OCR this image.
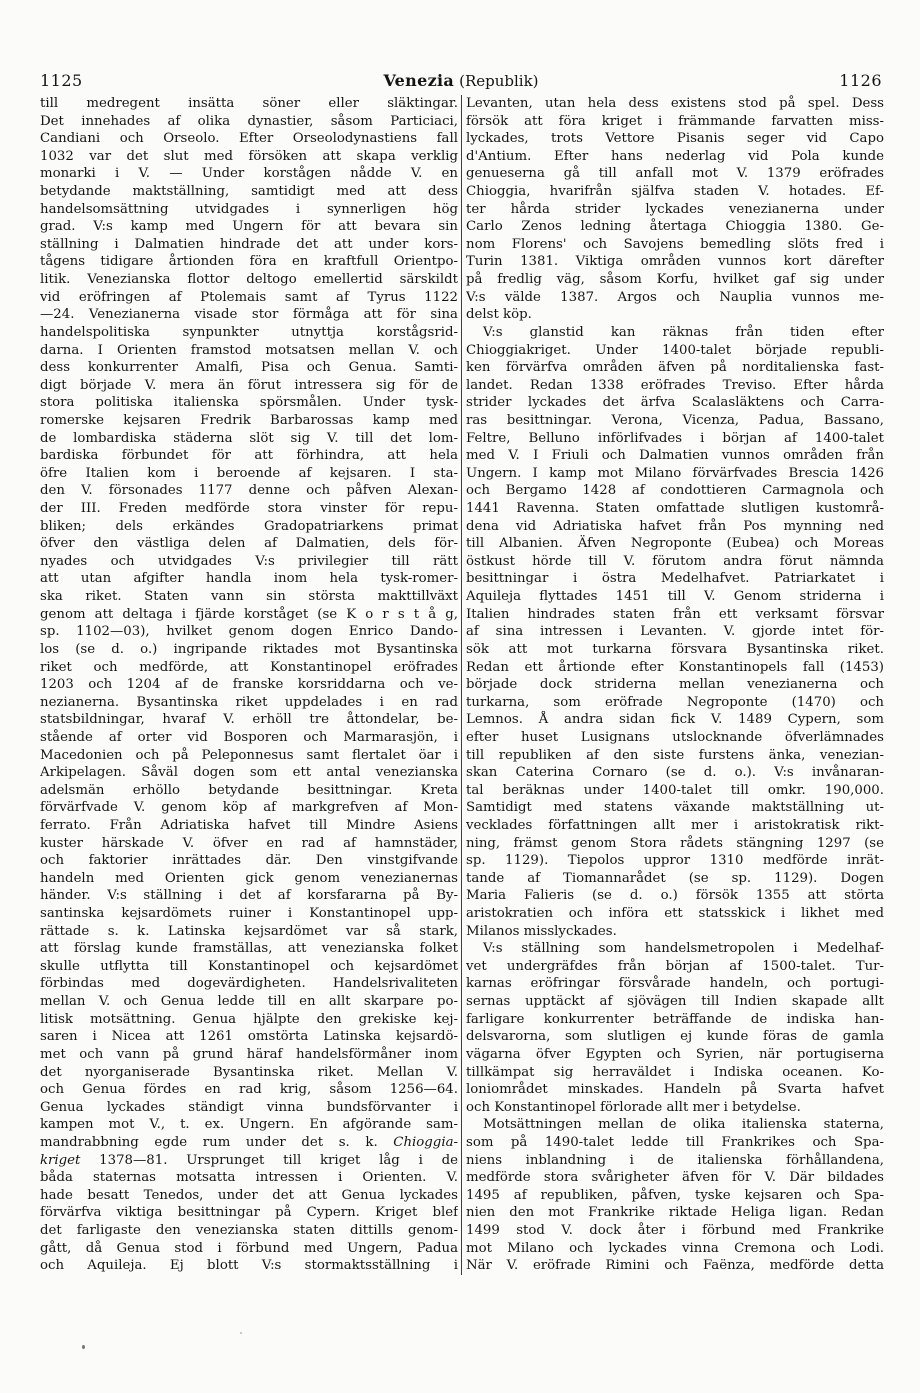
1125	Venezia (Republik)	1126
till medregent insätta söner eller släktingar.
Det innehades af olika dynastier, såsom Particiaci,
Candiani och Orseolo. Efter Orseolodynastiens fall
1032 var det slut med försöken att skapa verklig
monarki i V. — Under korstågen nådde V. en
betydande maktställning, samtidigt med att dess
handelsomsättning utvidgades i synnerligen hög
grad. V:s kamp med Ungern för att bevara sin
ställning i Dalmatien hindrade det att under kors-
tågens tidigare årtionden föra en kraftfull Orientpo-
litik. Venezianska flottor deltogo emellertid särskildt
vid eröfringen af Ptolemais samt af Tyrus 1122
—24. Venezianerna visade stor förmåga att för sina
handelspolitiska synpunkter utnyttja korstågsrid-
darna. I Orienten framstod motsatsen mellan V. och
dess konkurrenter Amalfi, Pisa och Genua. Samti-
digt började V. mera än förut intressera sig för de
stora politiska italienska spörsmålen. Under tysk-
romerske kejsaren Fredrik Barbarossas kamp med
de lombardiska städerna slöt sig V. till det lom-
bardiska förbundet för att förhindra, att hela
öfre Italien kom i beroende af kejsaren. I sta-
den V. försonades 1177 denne och påfven Alexan-
der III. Freden medförde stora vinster för repu-
bliken; dels erkändes Gradopatriarkens primat
öfver den västliga delen af Dalmatien, dels för-
nyades och utvidgades V:s privilegier till rätt
att utan afgifter handla inom hela tysk-romer-
ska riket. Staten vann sin största makttillväxt
genom att deltaga i fjärde korståget (se K o r s t å g,
sp. 1102—03), hvilket genom dogen Enrico Dando-
los (se d. o.) ingripande riktades mot Bysantinska
riket och medförde, att Konstantinopel eröfrades
1203 och 1204 af de franske korsriddarna och ve-
nezianerna. Bysantinska riket uppdelades i en rad
statsbildningar, hvaraf V. erhöll tre åttondelar, be-
stående af orter vid Bosporen och Marmarasjön, i
Macedonien och på Peleponnesus samt flertalet öar i
Arkipelagen. Såväl dogen som ett antal venezianska
adelsmän erhöllo betydande besittningar. Kreta
förvärfvade V. genom köp af markgrefven af Mon-
ferrato. Från Adriatiska hafvet till Mindre Asiens
kuster härskade V. öfver en rad af hamnstäder,
och faktorier inrättades där. Den vinstgifvande
handeln med Orienten gick genom venezianernas
händer. V:s ställning i det af korsfararna på By-
santinska kejsardömets ruiner i Konstantinopel upp-
rättade s. k. Latinska kejsardömet var så stark,
att förslag kunde framställas, att venezianska folket
skulle utflytta till Konstantinopel och kejsardömet
förbindas med dogevärdigheten. Handelsrivaliteten
mellan V. och Genua ledde till en allt skarpare po-
litisk motsättning. Genua hjälpte den grekiske kej-
saren i Nicea att 1261 omstörta Latinska kejsardö-
met och vann på grund häraf handelsförmåner inom
det nyorganiserade Bysantinska riket. Mellan V.
och Genua fördes en rad krig, såsom 1256—64.
Genua lyckades ständigt vinna bundsförvanter i
kampen mot V., t. ex. Ungern. En afgörande sam-
mandrabbning egde rum under det s. k. Chioggia-
kriget 1378—81. Ursprunget till kriget låg i de
båda staternas motsatta intressen i Orienten. V.
hade besatt Tenedos, under det att Genua lyckades
förvärfva viktiga besittningar på Cypern. Kriget blef
det farligaste den venezianska staten dittills genom-
gått, då Genua stod i förbund med Ungern, Padua
och Aquileja. Ej blott V:s stormaktsställning i
Levanten, utan hela dess existens stod på spel. Dess
försök att föra kriget i främmande farvatten miss-
lyckades, trots Vettore Pisanis seger vid Capo
d'Antium. Efter hans nederlag vid Pola kunde
genueserna gå till anfall mot V. 1379 eröfrades
Chioggia, hvarifrån själfva staden V. hotades. Ef-
ter hårda strider lyckades venezianerna under
Carlo Zenos ledning återtaga Chioggia 1380. Ge-
nom Florens' och Savojens bemedling slöts fred i
Turin 1381. Viktiga områden vunnos kort därefter
på fredlig väg, såsom Korfu, hvilket gaf sig under
V:s välde 1387. Argos och Nauplia vunnos me-
delst köp.
V:s glanstid kan räknas från tiden efter
Chioggiakriget. Under 1400-talet började republi-
ken förvärfva områden äfven på norditalienska fast-
landet. Redan 1338 eröfrades Treviso. Efter hårda
strider lyckades det ärfva Scalasläktens och Carra-
ras besittningar. Verona, Vicenza, Padua, Bassano,
Feltre, Belluno införlifvades i början af 1400-talet
med V. I Friuli och Dalmatien vunnos områden från
Ungern. I kamp mot Milano förvärfvades Brescia 1426
och Bergamo 1428 af condottieren Carmagnola och
1441 Ravenna. Staten omfattade slutligen kustområ-
dena vid Adriatiska hafvet från Pos mynning ned
till Albanien. Äfven Negroponte (Eubea) och Moreas
östkust hörde till V. förutom andra förut nämnda
besittningar i östra Medelhafvet. Patriarkatet i
Aquileja flyttades 1451 till V. Genom striderna i
Italien hindrades staten från ett verksamt försvar
af sina intressen i Levanten. V. gjorde intet för-
sök att mot turkarna försvara Bysantinska riket.
Redan ett årtionde efter Konstantinopels fall (1453)
började dock striderna mellan venezianerna och
turkarna, som eröfrade Negroponte (1470) och
Lemnos. Å andra sidan fick V. 1489 Cypern, som
efter huset Lusignans utslocknande öfverlämnades
till republiken af den siste furstens änka, venezian-
skan Caterina Cornaro (se d. o.). V:s invånaran-
tal beräknas under 1400-talet till omkr. 190,000.
Samtidigt med statens växande maktställning ut-
vecklades författningen allt mer i aristokratisk rikt-
ning, främst genom Stora rådets stängning 1297 (se
sp. 1129). Tiepolos uppror 1310 medförde inrät-
tande af Tiomannarådet (se sp. 1129). Dogen
Maria Falieris (se d. o.) försök 1355 att störta
aristokratien och införa ett statsskick i likhet med
Milanos misslyckades.
V:s ställning som handelsmetropolen i Medelhaf-
vet undergräfdes från början af 1500-talet. Tur-
karnas eröfringar försvårade handeln, och portugi-
sernas upptäckt af sjövägen till Indien skapade allt
farligare konkurrenter beträffande de indiska han-
delsvarorna, som slutligen ej kunde föras de gamla
vägarna öfver Egypten och Syrien, när portugiserna
tillkämpat sig herraväldet i Indiska oceanen. Ko-
loniområdet minskades. Handeln på Svarta hafvet
och Konstantinopel förlorade allt mer i betydelse.
Motsättningen mellan de olika italienska staterna,
som på 1490-talet ledde till Frankrikes och Spa-
niens inblandning i de italienska förhållandena,
medförde stora svårigheter äfven för V. Där bildades
1495 af republiken, påfven, tyske kejsaren och Spa-
nien den mot Frankrike riktade Heliga ligan. Redan
1499 stod V. dock åter i förbund med Frankrike
mot Milano och lyckades vinna Cremona och Lodi.
När V. eröfrade Rimini och Faënza, medförde detta
